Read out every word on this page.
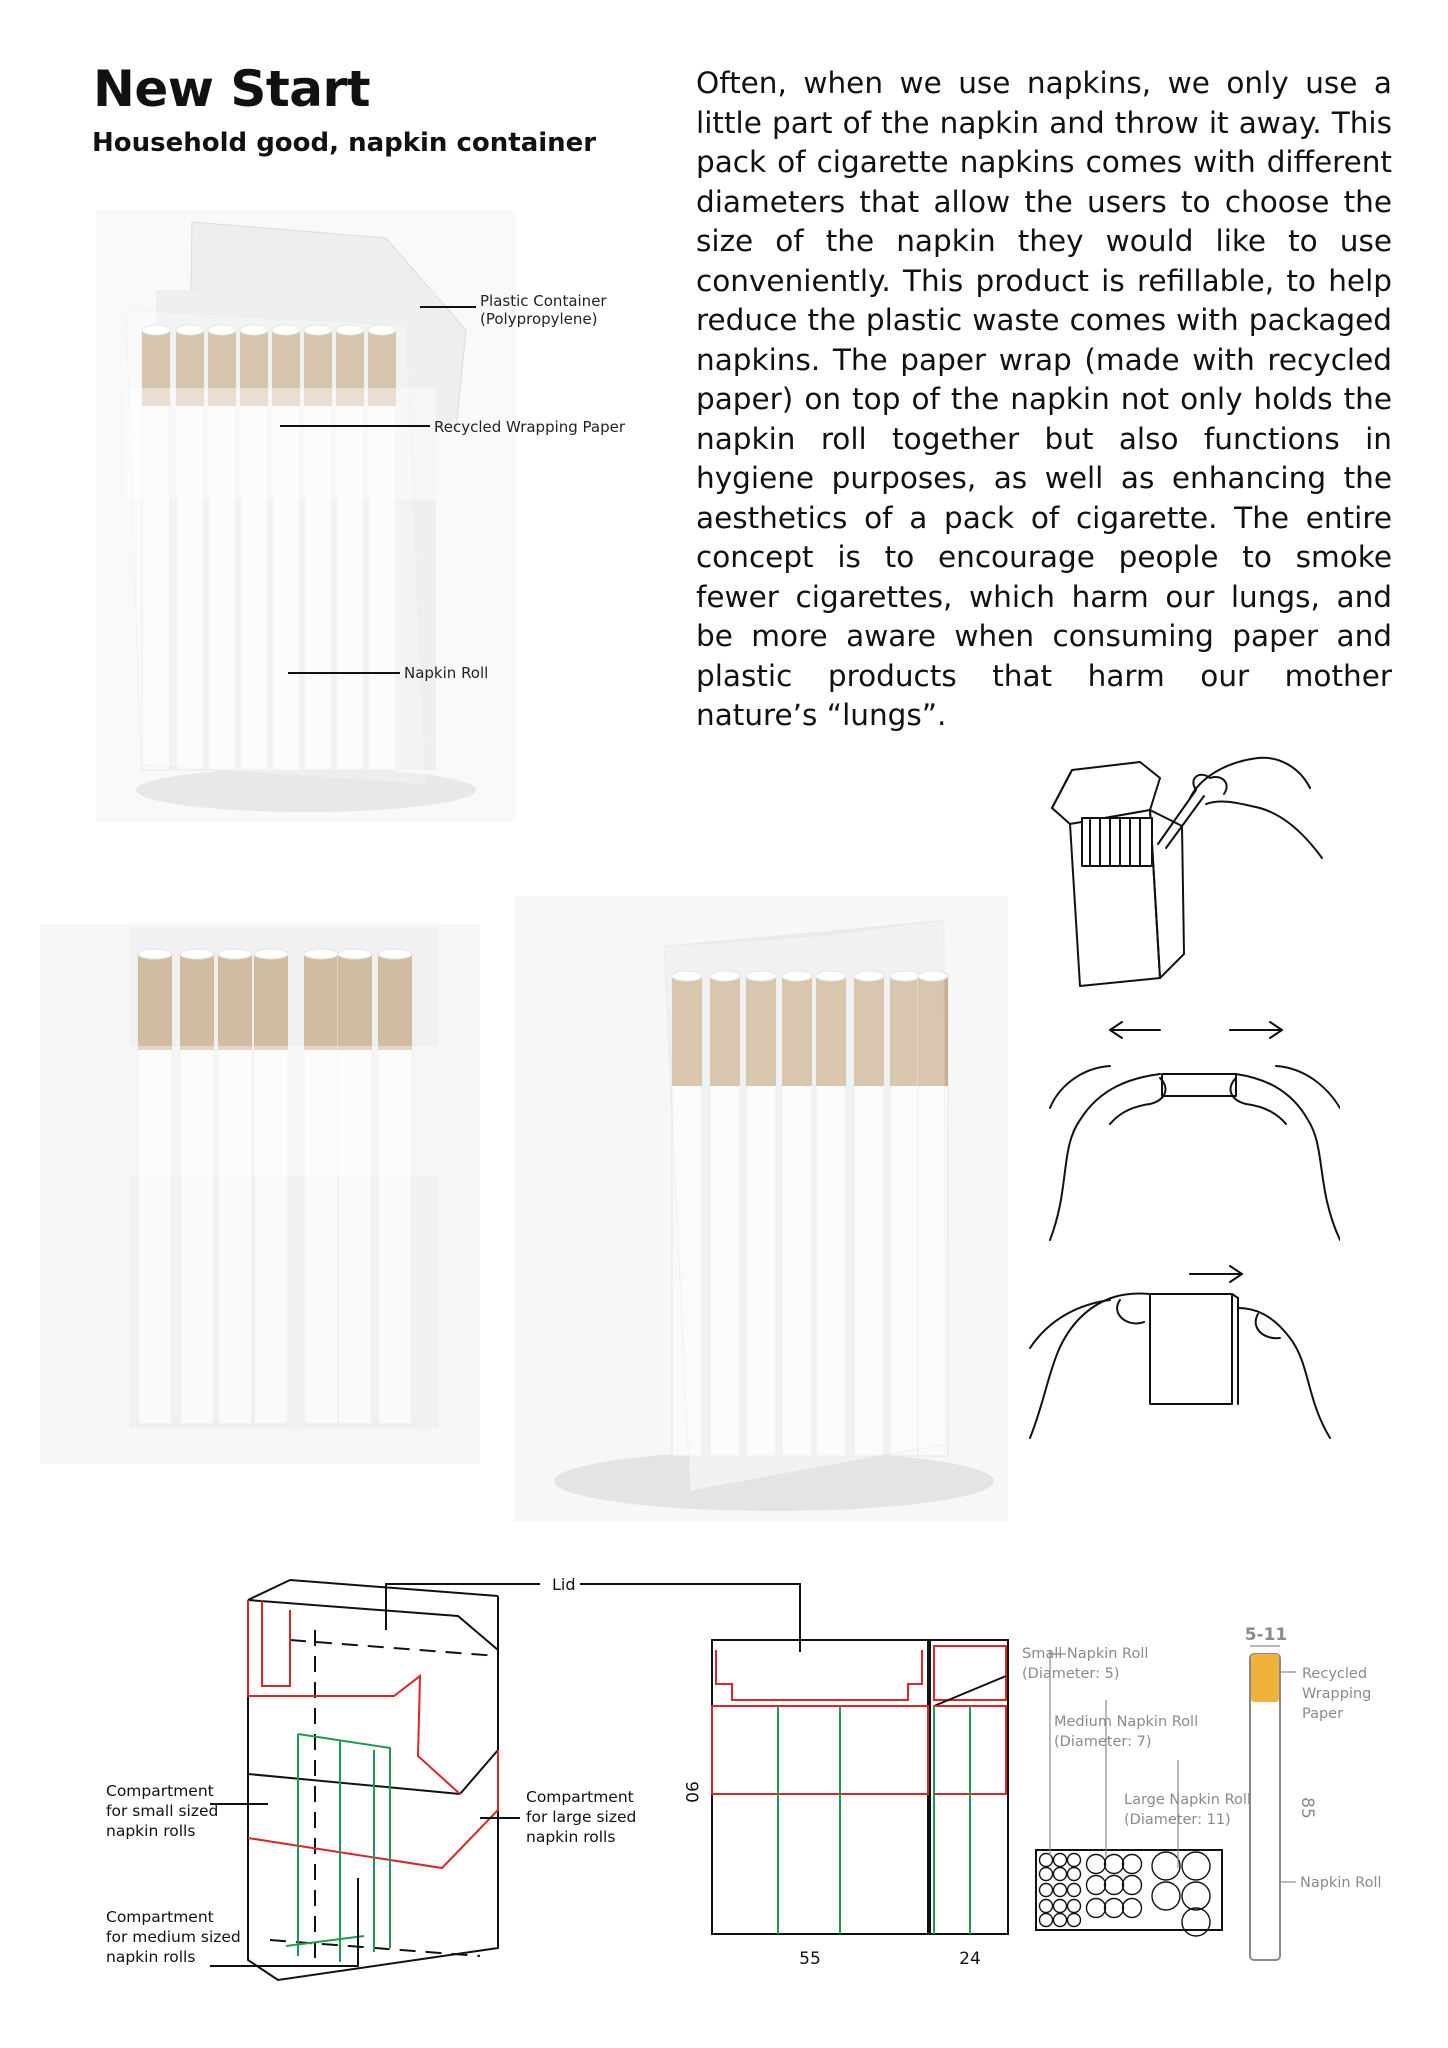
New Start
Household good, napkin container

Often, when we use napkins, we only use a little part of the napkin and throw it away. This pack of cigarette napkins comes with different diameters that allow the users to choose the size of the napkin they would like to use conveniently. This product is refillable, to help reduce the plastic waste comes with packaged napkins. The paper wrap (made with recycled paper) on top of the napkin not only holds the napkin roll together but also functions in hygiene purposes, as well as enhancing the aesthetics of a pack of cigarette. The entire concept is to encourage people to smoke fewer cigarettes, which harm our lungs, and be more aware when consuming paper and plastic products that harm our mother nature’s “lungs”.

Plastic Container
(Polypropylene)
Recycled Wrapping Paper
Napkin Roll
Lid
Compartment for small sized napkin rolls
Compartment for large sized napkin rolls
Compartment for medium sized napkin rolls
90
55	24
Small Napkin Roll (Diameter: 5)
Medium Napkin Roll (Diameter: 7)
Large Napkin Roll (Diameter: 11)
5-11
85
Recycled Wrapping Paper
Napkin Roll
